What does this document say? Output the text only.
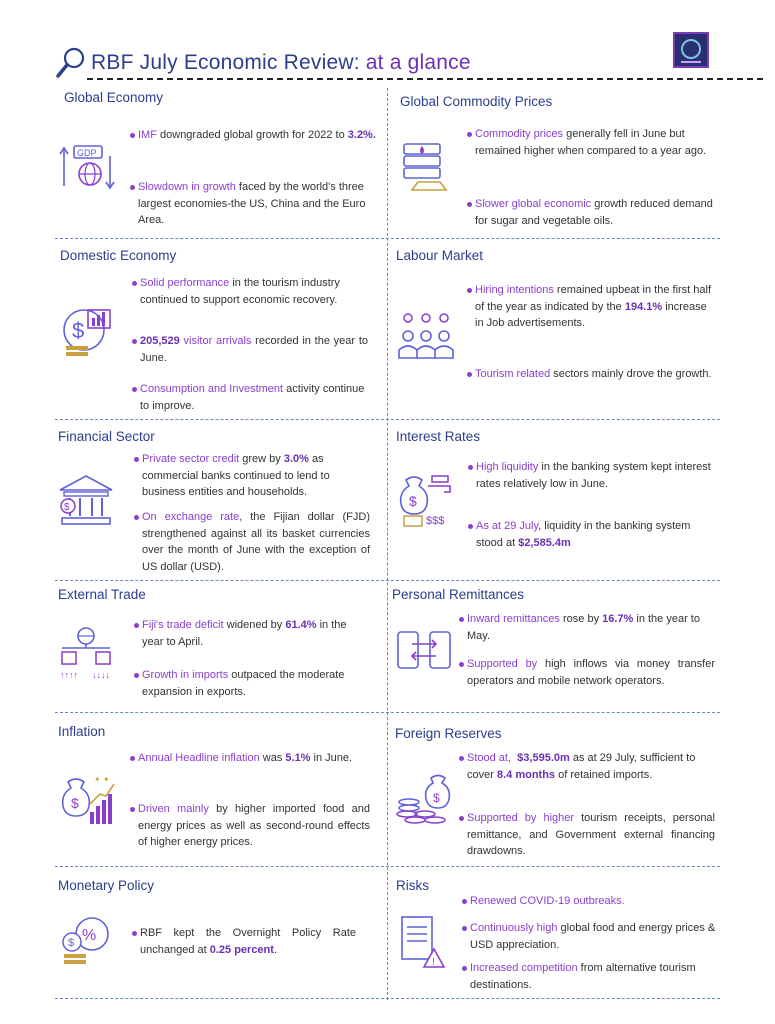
RBF July Economic Review: at a glance
Global Economy
GDP
IMF downgraded global growth for 2022 to 3.2%.
Slowdown in growth faced by the world's three largest economies-the US, China and the Euro Area.
Global Commodity Prices
Commodity prices generally fell in June but remained higher when compared to a year ago.
Slower global economic growth reduced demand for sugar and vegetable oils.
Domestic Economy
$
Solid performance in the tourism industry continued to support economic recovery.
205,529 visitor arrivals recorded in the year to June.
Consumption and Investment activity continue to improve.
Labour Market
Hiring intentions remained upbeat in the first half of the year as indicated by the 194.1% increase in Job advertisements.
Tourism related sectors mainly drove the growth.
Financial Sector
$
Private sector credit grew by 3.0% as commercial banks continued to lend to business entities and households.
On exchange rate, the Fijian dollar (FJD) strengthened against all its basket currencies over the month of June with the exception of US dollar (USD).
Interest Rates
$
$$$
High liquidity in the banking system kept interest rates relatively low in June.
As at 29 July, liquidity in the banking system stood at $2,585.4m
External Trade
↑↑↑↑ ↓↓↓↓
Fiji's trade deficit widened by 61.4% in the year to April.
Growth in imports outpaced the moderate expansion in exports.
Personal Remittances
Inward remittances rose by 16.7% in the year to May.
Supported by high inflows via money transfer operators and mobile network operators.
Inflation
$
✦ ✦
Annual Headline inflation was 5.1% in June.
Driven mainly by higher imported food and energy prices as well as second-round effects of higher energy prices.
Foreign Reserves
$
Stood at, $3,595.0m as at 29 July, sufficient to cover 8.4 months of retained imports.
Supported by higher tourism receipts, personal remittance, and Government external financing drawdowns.
Monetary Policy
%
$
RBF kept the Overnight Policy Rate unchanged at 0.25 percent.
Risks
!
Renewed COVID-19 outbreaks.
Continuously high global food and energy prices & USD appreciation.
Increased competition from alternative tourism destinations.
